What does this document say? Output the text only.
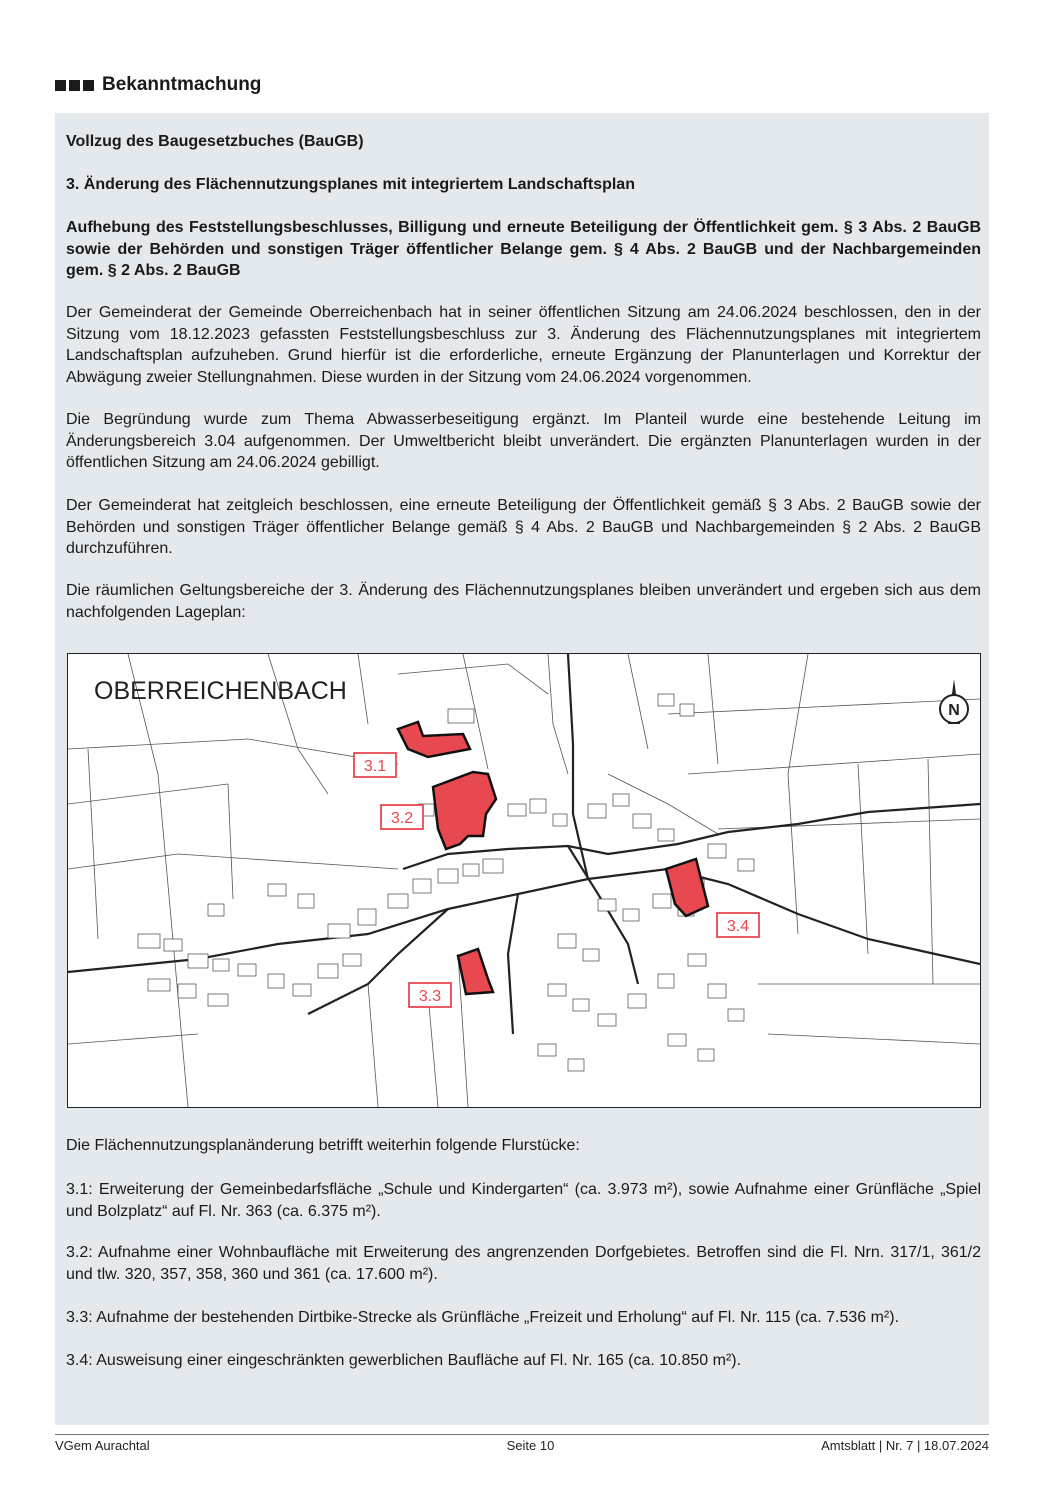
Bekanntmachung

Vollzug des Baugesetzbuches (BauGB)

3. Änderung des Flächennutzungsplanes mit integriertem Landschaftsplan

Aufhebung des Feststellungsbeschlusses, Billigung und erneute Beteiligung der Öffentlichkeit gem. § 3 Abs. 2 BauGB sowie der Behörden und sonstigen Träger öffentlicher Belange gem. § 4 Abs. 2 BauGB und der Nachbargemeinden gem. § 2 Abs. 2 BauGB

Der Gemeinderat der Gemeinde Oberreichenbach hat in seiner öffentlichen Sitzung am 24.06.2024 beschlossen, den in der Sitzung vom 18.12.2023 gefassten Feststellungsbeschluss zur 3. Änderung des Flächennutzungsplanes mit integriertem Landschaftsplan aufzuheben. Grund hierfür ist die erforderliche, erneute Ergänzung der Planunterlagen und Korrektur der Abwägung zweier Stellungnahmen. Diese wurden in der Sitzung vom 24.06.2024 vorgenommen.

Die Begründung wurde zum Thema Abwasserbeseitigung ergänzt. Im Planteil wurde eine bestehende Leitung im Änderungsbereich 3.04 aufgenommen. Der Umweltbericht bleibt unverändert. Die ergänzten Planunterlagen wurden in der öffentlichen Sitzung am 24.06.2024 gebilligt.

Der Gemeinderat hat zeitgleich beschlossen, eine erneute Beteiligung der Öffentlichkeit gemäß § 3 Abs. 2 BauGB sowie der Behörden und sonstigen Träger öffentlicher Belange gemäß § 4 Abs. 2 BauGB und Nachbargemeinden § 2 Abs. 2 BauGB durchzuführen.

Die räumlichen Geltungsbereiche der 3. Änderung des Flächennutzungsplanes bleiben unverändert und ergeben sich aus dem nachfolgenden Lageplan:

3.1
3.2
3.3
3.4
OBERREICHENBACH
N

Die Flächennutzungsplanänderung betrifft weiterhin folgende Flurstücke:

3.1: Erweiterung der Gemeinbedarfsfläche „Schule und Kindergarten“ (ca. 3.973 m²), sowie Aufnahme einer Grünfläche „Spiel und Bolzplatz“ auf Fl. Nr. 363 (ca. 6.375 m²).

3.2: Aufnahme einer Wohnbaufläche mit Erweiterung des angrenzenden Dorfgebietes. Betroffen sind die Fl. Nrn. 317/1, 361/2 und tlw. 320, 357, 358, 360 und 361 (ca. 17.600 m²).

3.3: Aufnahme der bestehenden Dirtbike-Strecke als Grünfläche „Freizeit und Erholung“ auf Fl. Nr. 115 (ca. 7.536 m²).

3.4: Ausweisung einer eingeschränkten gewerblichen Baufläche auf Fl. Nr. 165 (ca. 10.850 m²).

VGem Aurachtal	Seite 10	Amtsblatt | Nr. 7 | 18.07.2024
